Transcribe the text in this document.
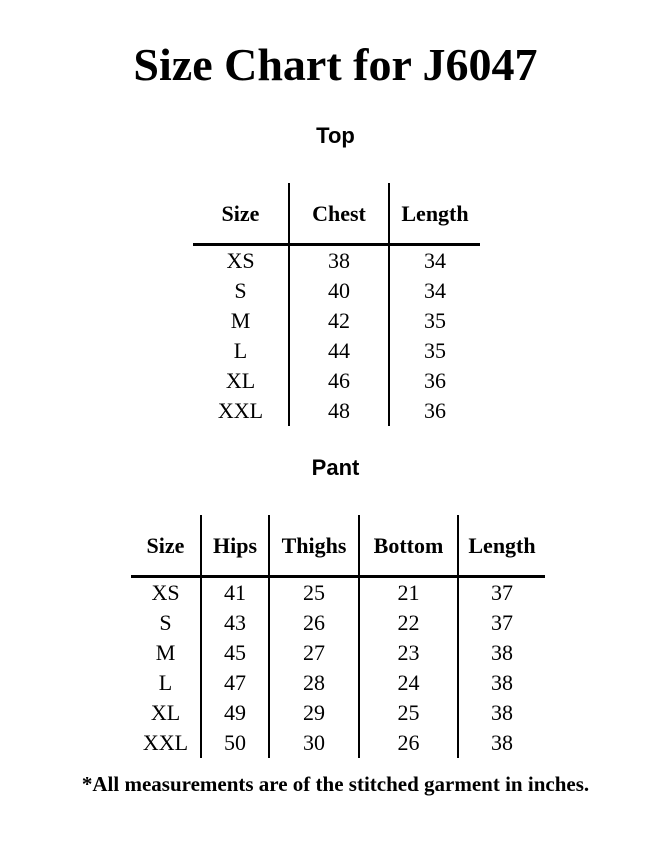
Size Chart for J6047
Top
Size	Chest	Length
XS	38	34
S	40	34
M	42	35
L	44	35
XL	46	36
XXL	48	36
Pant
Size	Hips	Thighs	Bottom	Length
XS	41	25	21	37
S	43	26	22	37
M	45	27	23	38
L	47	28	24	38
XL	49	29	25	38
XXL	50	30	26	38

*All measurements are of the stitched garment in inches.
